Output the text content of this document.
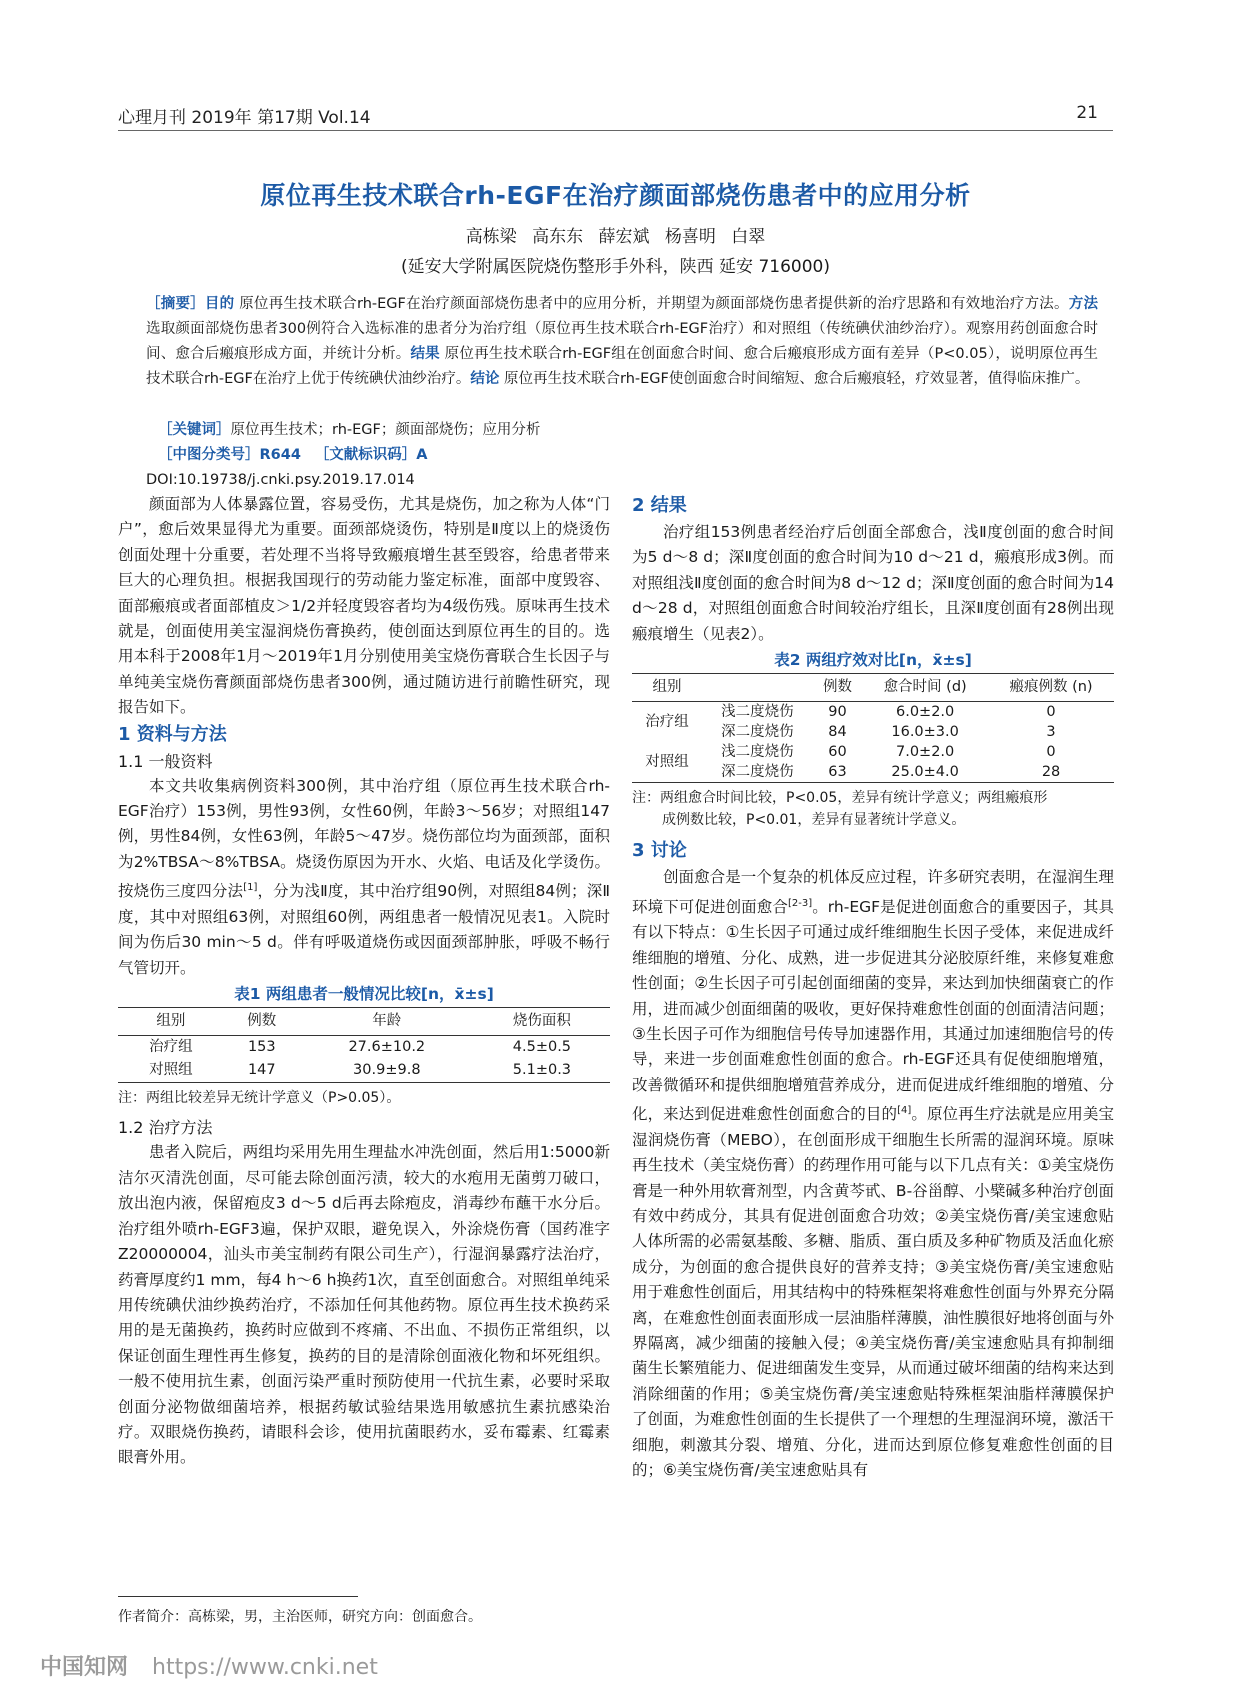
心理月刊 2019年 第17期 Vol.14	21
原位再生技术联合rh-EGF在治疗颜面部烧伤患者中的应用分析
高栋梁 高东东 薛宏斌 杨喜明 白翠
(延安大学附属医院烧伤整形手外科，陕西 延安 716000)
［摘要］目的 原位再生技术联合rh-EGF在治疗颜面部烧伤患者中的应用分析，并期望为颜面部烧伤患者提供新的治疗思路和有效地治疗方法。方法 选取颜面部烧伤患者300例符合入选标准的患者分为治疗组（原位再生技术联合rh-EGF治疗）和对照组（传统碘伏油纱治疗）。观察用药创面愈合时间、愈合后瘢痕形成方面，并统计分析。结果 原位再生技术联合rh-EGF组在创面愈合时间、愈合后瘢痕形成方面有差异（P<0.05），说明原位再生技术联合rh-EGF在治疗上优于传统碘伏油纱治疗。结论 原位再生技术联合rh-EGF使创面愈合时间缩短、愈合后瘢痕轻，疗效显著，值得临床推广。
［关键词］原位再生技术；rh-EGF；颜面部烧伤；应用分析
［中图分类号］R644 ［文献标识码］A
DOI:10.19738/j.cnki.psy.2019.17.014

颜面部为人体暴露位置，容易受伤，尤其是烧伤，加之称为人体“门户”，愈后效果显得尤为重要。面颈部烧烫伤，特别是Ⅱ度以上的烧烫伤创面处理十分重要，若处理不当将导致瘢痕增生甚至毁容，给患者带来巨大的心理负担。根据我国现行的劳动能力鉴定标准，面部中度毁容、面部瘢痕或者面部植皮＞1/2并轻度毁容者均为4级伤残。原味再生技术就是，创面使用美宝湿润烧伤膏换药，使创面达到原位再生的目的。选用本科于2008年1月～2019年1月分别使用美宝烧伤膏联合生长因子与单纯美宝烧伤膏颜面部烧伤患者300例，通过随访进行前瞻性研究，现报告如下。

1 资料与方法
1.1 一般资料

本文共收集病例资料300例，其中治疗组（原位再生技术联合rh-EGF治疗）153例，男性93例，女性60例，年龄3～56岁；对照组147例，男性84例，女性63例，年龄5～47岁。烧伤部位均为面颈部，面积为2%TBSA～8%TBSA。烧烫伤原因为开水、火焰、电话及化学烫伤。按烧伤三度四分法[1]，分为浅Ⅱ度，其中治疗组90例，对照组84例；深Ⅱ度，其中对照组63例，对照组60例，两组患者一般情况见表1。入院时间为伤后30 min～5 d。伴有呼吸道烧伤或因面颈部肿胀，呼吸不畅行气管切开。

表1 两组患者一般情况比较[n，x̄±s]
组别	例数	年龄	烧伤面积
治疗组	153	27.6±10.2	4.5±0.5
对照组	147	30.9±9.8	5.1±0.3
注：两组比较差异无统计学意义（P>0.05）。
1.2 治疗方法

患者入院后，两组均采用先用生理盐水冲洗创面，然后用1:5000新洁尔灭清洗创面，尽可能去除创面污渍，较大的水疱用无菌剪刀破口，放出泡内液，保留疱皮3 d～5 d后再去除疱皮，消毒纱布蘸干水分后。治疗组外喷rh-EGF3遍，保护双眼，避免误入，外涂烧伤膏（国药准字Z20000004，汕头市美宝制药有限公司生产），行湿润暴露疗法治疗，药膏厚度约1 mm，每4 h～6 h换药1次，直至创面愈合。对照组单纯采用传统碘伏油纱换药治疗，不添加任何其他药物。原位再生技术换药采用的是无菌换药，换药时应做到不疼痛、不出血、不损伤正常组织，以保证创面生理性再生修复，换药的目的是清除创面液化物和坏死组织。一般不使用抗生素，创面污染严重时预防使用一代抗生素，必要时采取创面分泌物做细菌培养，根据药敏试验结果选用敏感抗生素抗感染治疗。双眼烧伤换药，请眼科会诊，使用抗菌眼药水，妥布霉素、红霉素眼膏外用。

2 结果

治疗组153例患者经治疗后创面全部愈合，浅Ⅱ度创面的愈合时间为5 d～8 d；深Ⅱ度创面的愈合时间为10 d～21 d，瘢痕形成3例。而对照组浅Ⅱ度创面的愈合时间为8 d～12 d；深Ⅱ度创面的愈合时间为14 d～28 d，对照组创面愈合时间较治疗组长，且深Ⅱ度创面有28例出现瘢痕增生（见表2）。

表2 两组疗效对比[n，x̄±s]
组别		例数	愈合时间 (d)	瘢痕例数 (n)
治疗组	浅二度烧伤	90	6.0±2.0	0
	深二度烧伤	84	16.0±3.0	3
对照组	浅二度烧伤	60	7.0±2.0	0
	深二度烧伤	63	25.0±4.0	28
注：两组愈合时间比较，P<0.05，差异有统计学意义；两组瘢痕形
成例数比较，P<0.01，差异有显著统计学意义。
3 讨论

创面愈合是一个复杂的机体反应过程，许多研究表明，在湿润生理环境下可促进创面愈合[2-3]。rh-EGF是促进创面愈合的重要因子，其具有以下特点：①生长因子可通过成纤维细胞生长因子受体，来促进成纤维细胞的增殖、分化、成熟，进一步促进其分泌胶原纤维，来修复难愈性创面；②生长因子可引起创面细菌的变异，来达到加快细菌衰亡的作用，进而减少创面细菌的吸收，更好保持难愈性创面的创面清洁问题；③生长因子可作为细胞信号传导加速器作用，其通过加速细胞信号的传导，来进一步创面难愈性创面的愈合。rh-EGF还具有促使细胞增殖，改善微循环和提供细胞增殖营养成分，进而促进成纤维细胞的增殖、分化，来达到促进难愈性创面愈合的目的[4]。原位再生疗法就是应用美宝湿润烧伤膏（MEBO），在创面形成干细胞生长所需的湿润环境。原味再生技术（美宝烧伤膏）的药理作用可能与以下几点有关：①美宝烧伤膏是一种外用软膏剂型，内含黄芩甙、B-谷甾醇、小檗碱多种治疗创面有效中药成分，其具有促进创面愈合功效；②美宝烧伤膏/美宝速愈贴人体所需的必需氨基酸、多糖、脂质、蛋白质及多种矿物质及活血化瘀成分，为创面的愈合提供良好的营养支持；③美宝烧伤膏/美宝速愈贴用于难愈性创面后，用其结构中的特殊框架将难愈性创面与外界充分隔离，在难愈性创面表面形成一层油脂样薄膜，油性膜很好地将创面与外界隔离，减少细菌的接触入侵；④美宝烧伤膏/美宝速愈贴具有抑制细菌生长繁殖能力、促进细菌发生变异，从而通过破坏细菌的结构来达到消除细菌的作用；⑤美宝烧伤膏/美宝速愈贴特殊框架油脂样薄膜保护了创面，为难愈性创面的生长提供了一个理想的生理湿润环境，激活干细胞，刺激其分裂、增殖、分化，进而达到原位修复难愈性创面的目的；⑥美宝烧伤膏/美宝速愈贴具有

作者简介：高栋梁，男，主治医师，研究方向：创面愈合。
中国知网 https://www.cnki.net
